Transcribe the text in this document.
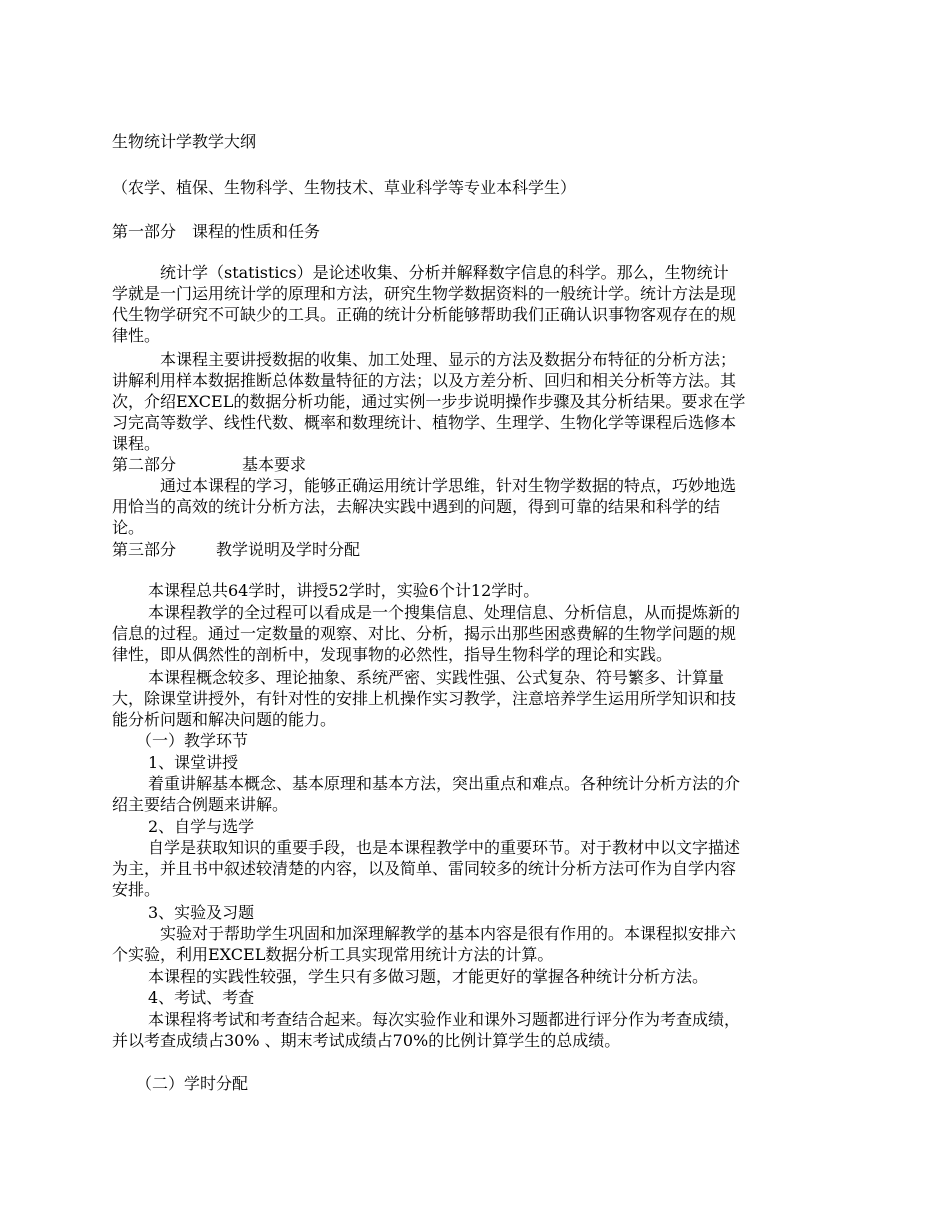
生物统计学教学大纲
（农学、植保、生物科学、生物技术、草业科学等专业本科学生）
第一部分　课程的性质和任务
统计学（statistics）是论述收集、分析并解释数字信息的科学。那么，生物统计
学就是一门运用统计学的原理和方法，研究生物学数据资料的一般统计学。统计方法是现
代生物学研究不可缺少的工具。正确的统计分析能够帮助我们正确认识事物客观存在的规
律性。
本课程主要讲授数据的收集、加工处理、显示的方法及数据分布特征的分析方法；
讲解利用样本数据推断总体数量特征的方法；以及方差分析、回归和相关分析等方法。其
次，介绍EXCEL的数据分析功能，通过实例一步步说明操作步骤及其分析结果。要求在学
习完高等数学、线性代数、概率和数理统计、植物学、生理学、生物化学等课程后选修本
课程。
第二部分	基本要求
通过本课程的学习，能够正确运用统计学思维，针对生物学数据的特点，巧妙地选
用恰当的高效的统计分析方法，去解决实践中遇到的问题，得到可靠的结果和科学的结
论。
第三部分 教学说明及学时分配
本课程总共64学时，讲授52学时，实验6个计12学时。
本课程教学的全过程可以看成是一个搜集信息、处理信息、分析信息，从而提炼新的
信息的过程。通过一定数量的观察、对比、分析，揭示出那些困惑费解的生物学问题的规
律性，即从偶然性的剖析中，发现事物的必然性，指导生物科学的理论和实践。
本课程概念较多、理论抽象、系统严密、实践性强、公式复杂、符号繁多、计算量
大，除课堂讲授外，有针对性的安排上机操作实习教学，注意培养学生运用所学知识和技
能分析问题和解决问题的能力。
（一）教学环节
1、课堂讲授
着重讲解基本概念、基本原理和基本方法，突出重点和难点。各种统计分析方法的介
绍主要结合例题来讲解。
2、自学与选学
自学是获取知识的重要手段，也是本课程教学中的重要环节。对于教材中以文字描述
为主，并且书中叙述较清楚的内容，以及简单、雷同较多的统计分析方法可作为自学内容
安排。
3、实验及习题
实验对于帮助学生巩固和加深理解教学的基本内容是很有作用的。本课程拟安排六
个实验，利用EXCEL数据分析工具实现常用统计方法的计算。
本课程的实践性较强，学生只有多做习题，才能更好的掌握各种统计分析方法。
4、考试、考查
本课程将考试和考查结合起来。每次实验作业和课外习题都进行评分作为考查成绩，
并以考查成绩占30% 、期末考试成绩占70%的比例计算学生的总成绩。
（二）学时分配
